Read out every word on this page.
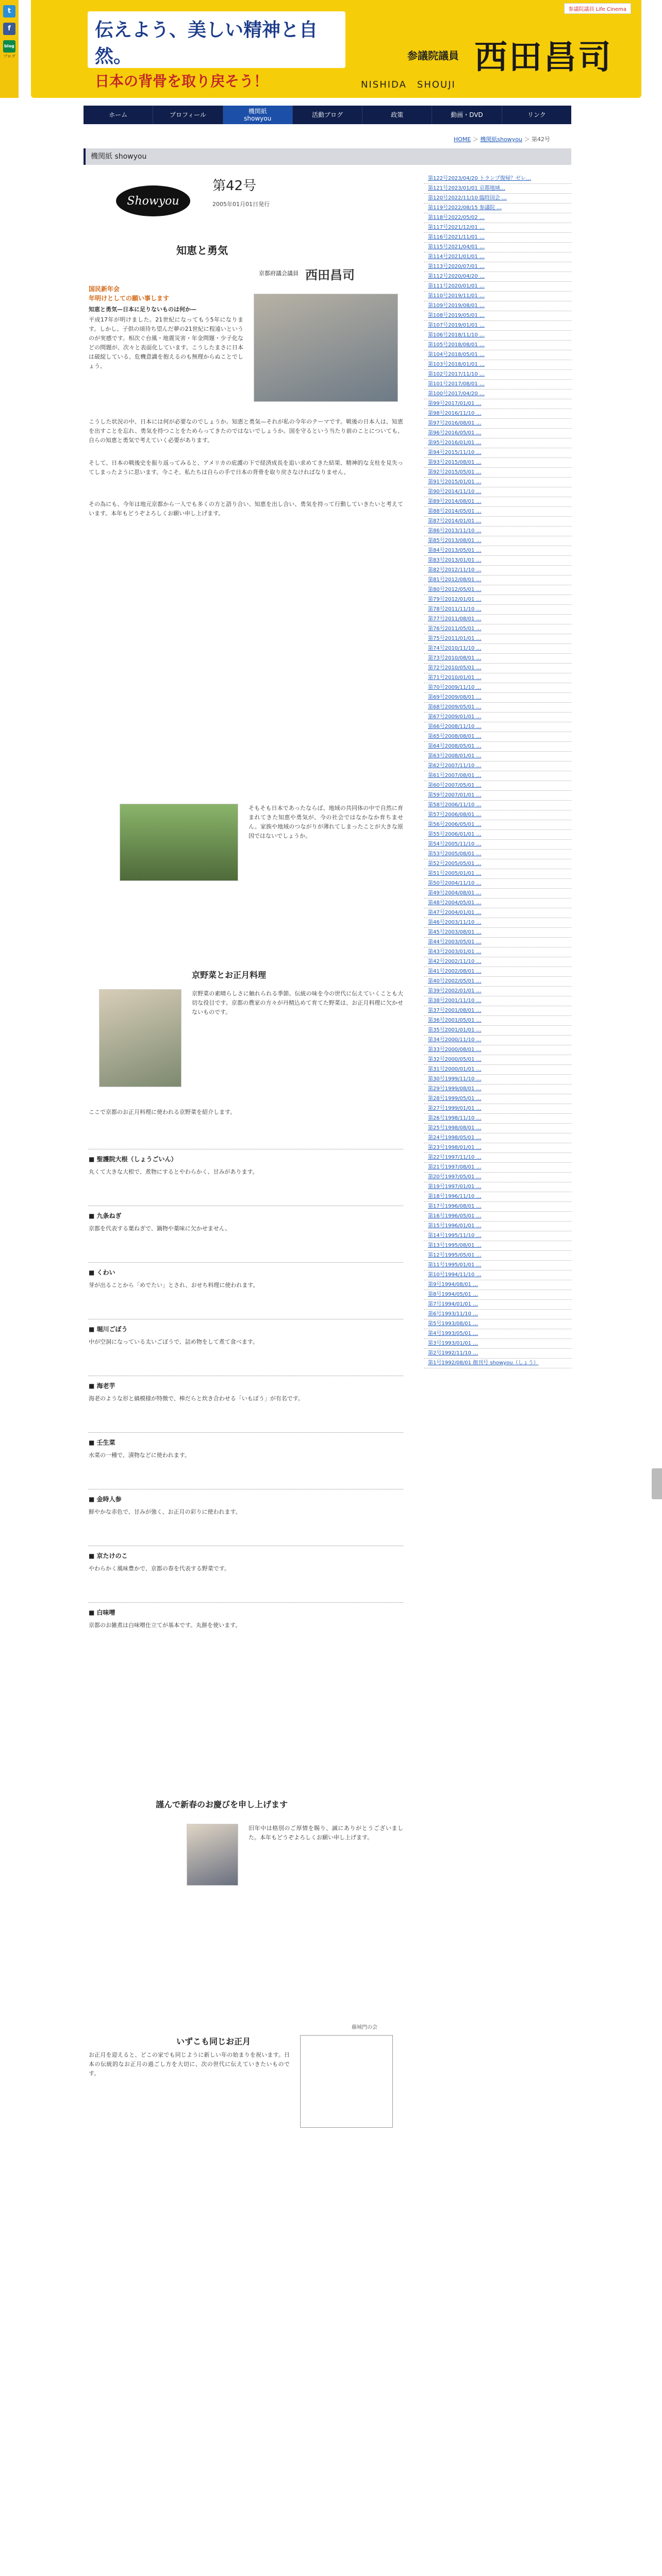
t
f
blog
ブログ
伝えよう、美しい精神と自然。
日本の背骨を取り戻そう！
参議院議員 Life Cinema
参議院議員 西田昌司
NISHIDA　SHOUJI
ホーム	プロフィール	機関紙
showyou	活動ブログ	政策	動画・DVD	リンク
HOME ＞ 機関紙showyou ＞ 第42号
機関紙 showyou
Showyou
第42号
2005年01月01日発行
知恵と勇気
京都府議会議員 西田昌司
国民新年会
年明けとしての願い事します
知恵と勇気—日本に足りないものは何か—
平成17年が明けました。21世紀になってもう5年になります。しかし、子供の頃待ち望んだ夢の21世紀に程遠いというのが実感です。相次ぐ台風・地震災害・年金問題・少子化などの問題が、次々と表面化しています。こうしたまさに日本は破綻している、危機意識を抱えるのも無理からぬことでしょう。
こうした状況の中、日本には何が必要なのでしょうか。知恵と勇気—それが私の今年のテーマです。戦後の日本人は、知恵を出すことを忘れ、勇気を持つことをためらってきたのではないでしょうか。国を守るという当たり前のことについても、自らの知恵と勇気で考えていく必要があります。
そして、日本の戦後史を振り返ってみると、アメリカの庇護の下で経済成長を追い求めてきた結果、精神的な支柱を見失ってしまったように思います。今こそ、私たちは自らの手で日本の背骨を取り戻さなければなりません。
その為にも、今年は地元京都から一人でも多くの方と語り合い、知恵を出し合い、勇気を持って行動していきたいと考えています。本年もどうぞよろしくお願い申し上げます。
そもそも日本であったならば、地域の共同体の中で自然に育まれてきた知恵や勇気が、今の社会ではなかなか育ちません。家族や地域のつながりが薄れてしまったことが大きな原因ではないでしょうか。
京野菜とお正月料理
京野菜の素晴らしさに触れられる季節。伝統の味を今の世代に伝えていくことも大切な役目です。京都の農家の方々が丹精込めて育てた野菜は、お正月料理に欠かせないものです。
ここで京都のお正月料理に使われる京野菜を紹介します。
■ 聖護院大根（しょうごいん）
丸くて大きな大根で、煮物にするとやわらかく、甘みがあります。
■ 九条ねぎ
京都を代表する葉ねぎで、鍋物や薬味に欠かせません。
■ くわい
芽が出ることから「めでたい」とされ、おせち料理に使われます。
■ 堀川ごぼう
中が空洞になっている太いごぼうで、詰め物をして煮て食べます。
■ 海老芋
海老のような形と縞模様が特徴で、棒だらと炊き合わせる「いもぼう」が有名です。
■ 壬生菜
水菜の一種で、漬物などに使われます。
■ 金時人参
鮮やかな赤色で、甘みが強く、お正月の彩りに使われます。
■ 京たけのこ
やわらかく風味豊かで、京都の春を代表する野菜です。
■ 白味噌
京都のお雑煮は白味噌仕立てが基本です。丸餅を使います。
謹んで新春のお慶びを申し上げます
旧年中は格別のご厚情を賜り、誠にありがとうございました。本年もどうぞよろしくお願い申し上げます。
いずこも同じお正月
藤城門の会
お正月を迎えると、どこの家でも同じように新しい年の始まりを祝います。日本の伝統的なお正月の過ごし方を大切に、次の世代に伝えていきたいものです。
第122号2023/04/20 トランプ復帰？ゼレ…
第121号2023/01/01 京都地域…
第120号2022/11/10 臨時国会 …
第119号2022/08/15 参議院 …
第118号2022/05/02 …
第117号2021/12/01 …
第116号2021/11/01 …
第115号2021/04/01 …
第114号2021/01/01 …
第113号2020/07/01 …
第112号2020/04/20 …
第111号2020/01/01 …
第110号2019/11/01 …
第109号2019/08/01 …
第108号2019/05/01 …
第107号2019/01/01 …
第106号2018/11/10 …
第105号2018/08/01 …
第104号2018/05/01 …
第103号2018/01/01 …
第102号2017/11/10 …
第101号2017/08/01 …
第100号2017/04/20 …
第99号2017/01/01 …
第98号2016/11/10 …
第97号2016/08/01 …
第96号2016/05/01 …
第95号2016/01/01 …
第94号2015/11/10 …
第93号2015/08/01 …
第92号2015/05/01 …
第91号2015/01/01 …
第90号2014/11/10 …
第89号2014/08/01 …
第88号2014/05/01 …
第87号2014/01/01 …
第86号2013/11/10 …
第85号2013/08/01 …
第84号2013/05/01 …
第83号2013/01/01 …
第82号2012/11/10 …
第81号2012/08/01 …
第80号2012/05/01 …
第79号2012/01/01 …
第78号2011/11/10 …
第77号2011/08/01 …
第76号2011/05/01 …
第75号2011/01/01 …
第74号2010/11/10 …
第73号2010/08/01 …
第72号2010/05/01 …
第71号2010/01/01 …
第70号2009/11/10 …
第69号2009/08/01 …
第68号2009/05/01 …
第67号2009/01/01 …
第66号2008/11/10 …
第65号2008/08/01 …
第64号2008/05/01 …
第63号2008/01/01 …
第62号2007/11/10 …
第61号2007/08/01 …
第60号2007/05/01 …
第59号2007/01/01 …
第58号2006/11/10 …
第57号2006/08/01 …
第56号2006/05/01 …
第55号2006/01/01 …
第54号2005/11/10 …
第53号2005/08/01 …
第52号2005/05/01 …
第51号2005/01/01 …
第50号2004/11/10 …
第49号2004/08/01 …
第48号2004/05/01 …
第47号2004/01/01 …
第46号2003/11/10 …
第45号2003/08/01 …
第44号2003/05/01 …
第43号2003/01/01 …
第42号2002/11/10 …
第41号2002/08/01 …
第40号2002/05/01 …
第39号2002/01/01 …
第38号2001/11/10 …
第37号2001/08/01 …
第36号2001/05/01 …
第35号2001/01/01 …
第34号2000/11/10 …
第33号2000/08/01 …
第32号2000/05/01 …
第31号2000/01/01 …
第30号1999/11/10 …
第29号1999/08/01 …
第28号1999/05/01 …
第27号1999/01/01 …
第26号1998/11/10 …
第25号1998/08/01 …
第24号1998/05/01 …
第23号1998/01/01 …
第22号1997/11/10 …
第21号1997/08/01 …
第20号1997/05/01 …
第19号1997/01/01 …
第18号1996/11/10 …
第17号1996/08/01 …
第16号1996/05/01 …
第15号1996/01/01 …
第14号1995/11/10 …
第13号1995/08/01 …
第12号1995/05/01 …
第11号1995/01/01 …
第10号1994/11/10 …
第9号1994/08/01 …
第8号1994/05/01 …
第7号1994/01/01 …
第6号1993/11/10 …
第5号1993/08/01 …
第4号1993/05/01 …
第3号1993/01/01 …
第2号1992/11/10 …
第1号1992/08/01 創刊号 showyou（しょう）
